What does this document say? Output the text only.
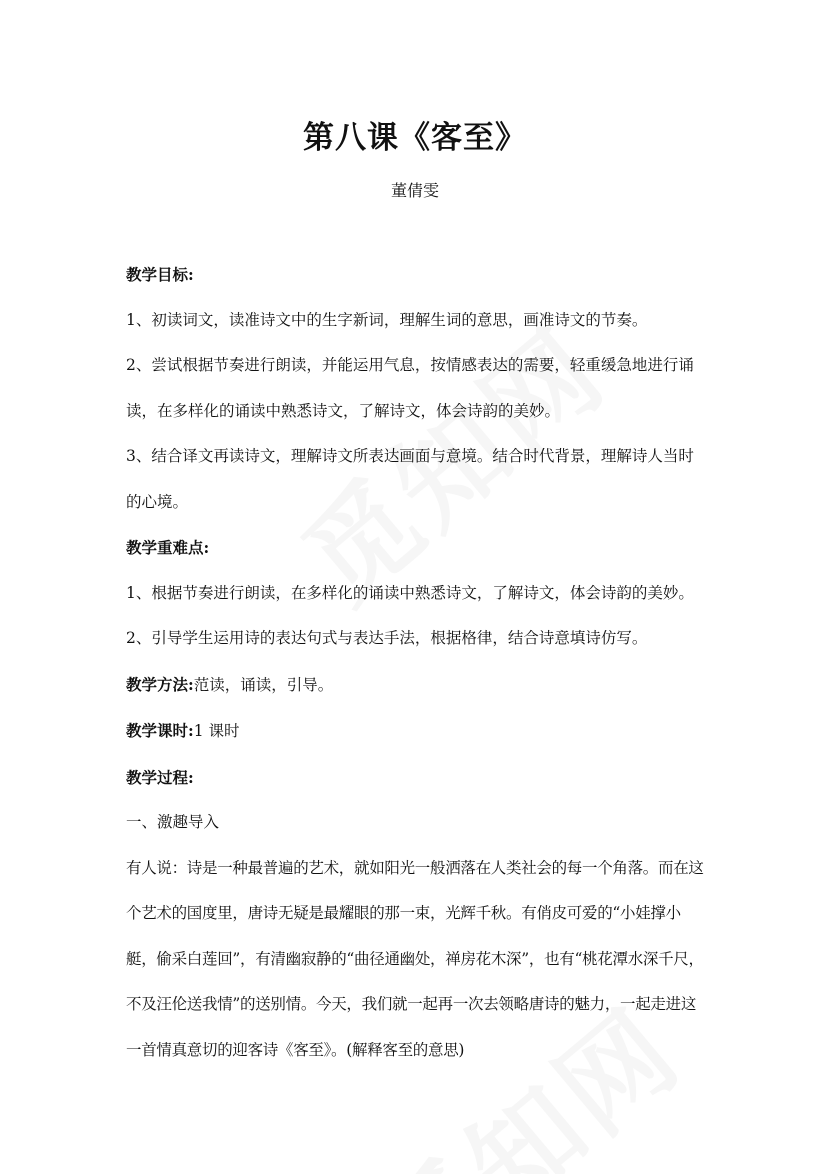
第八课《客至》
董倩雯

教学目标:

1、初读词文，读准诗文中的生字新词，理解生词的意思，画准诗文的节奏。

2、尝试根据节奏进行朗读，并能运用气息，按情感表达的需要，轻重缓急地进行诵读，在多样化的诵读中熟悉诗文，了解诗文，体会诗韵的美妙。

3、结合译文再读诗文，理解诗文所表达画面与意境。结合时代背景，理解诗人当时的心境。

教学重难点:

1、根据节奏进行朗读，在多样化的诵读中熟悉诗文，了解诗文，体会诗韵的美妙。

2、引导学生运用诗的表达句式与表达手法，根据格律，结合诗意填诗仿写。

教学方法:范读，诵读，引导。

教学课时:1 课时

教学过程:

一、激趣导入

有人说：诗是一种最普遍的艺术，就如阳光一般洒落在人类社会的每一个角落。而在这个艺术的国度里，唐诗无疑是最耀眼的那一束，光辉千秋。有俏皮可爱的“小娃撑小艇，偷采白莲回”，有清幽寂静的“曲径通幽处，禅房花木深”，也有“桃花潭水深千尺，不及汪伦送我情”的送别情。今天，我们就一起再一次去领略唐诗的魅力，一起走进这一首情真意切的迎客诗《客至》。(解释客至的意思)
